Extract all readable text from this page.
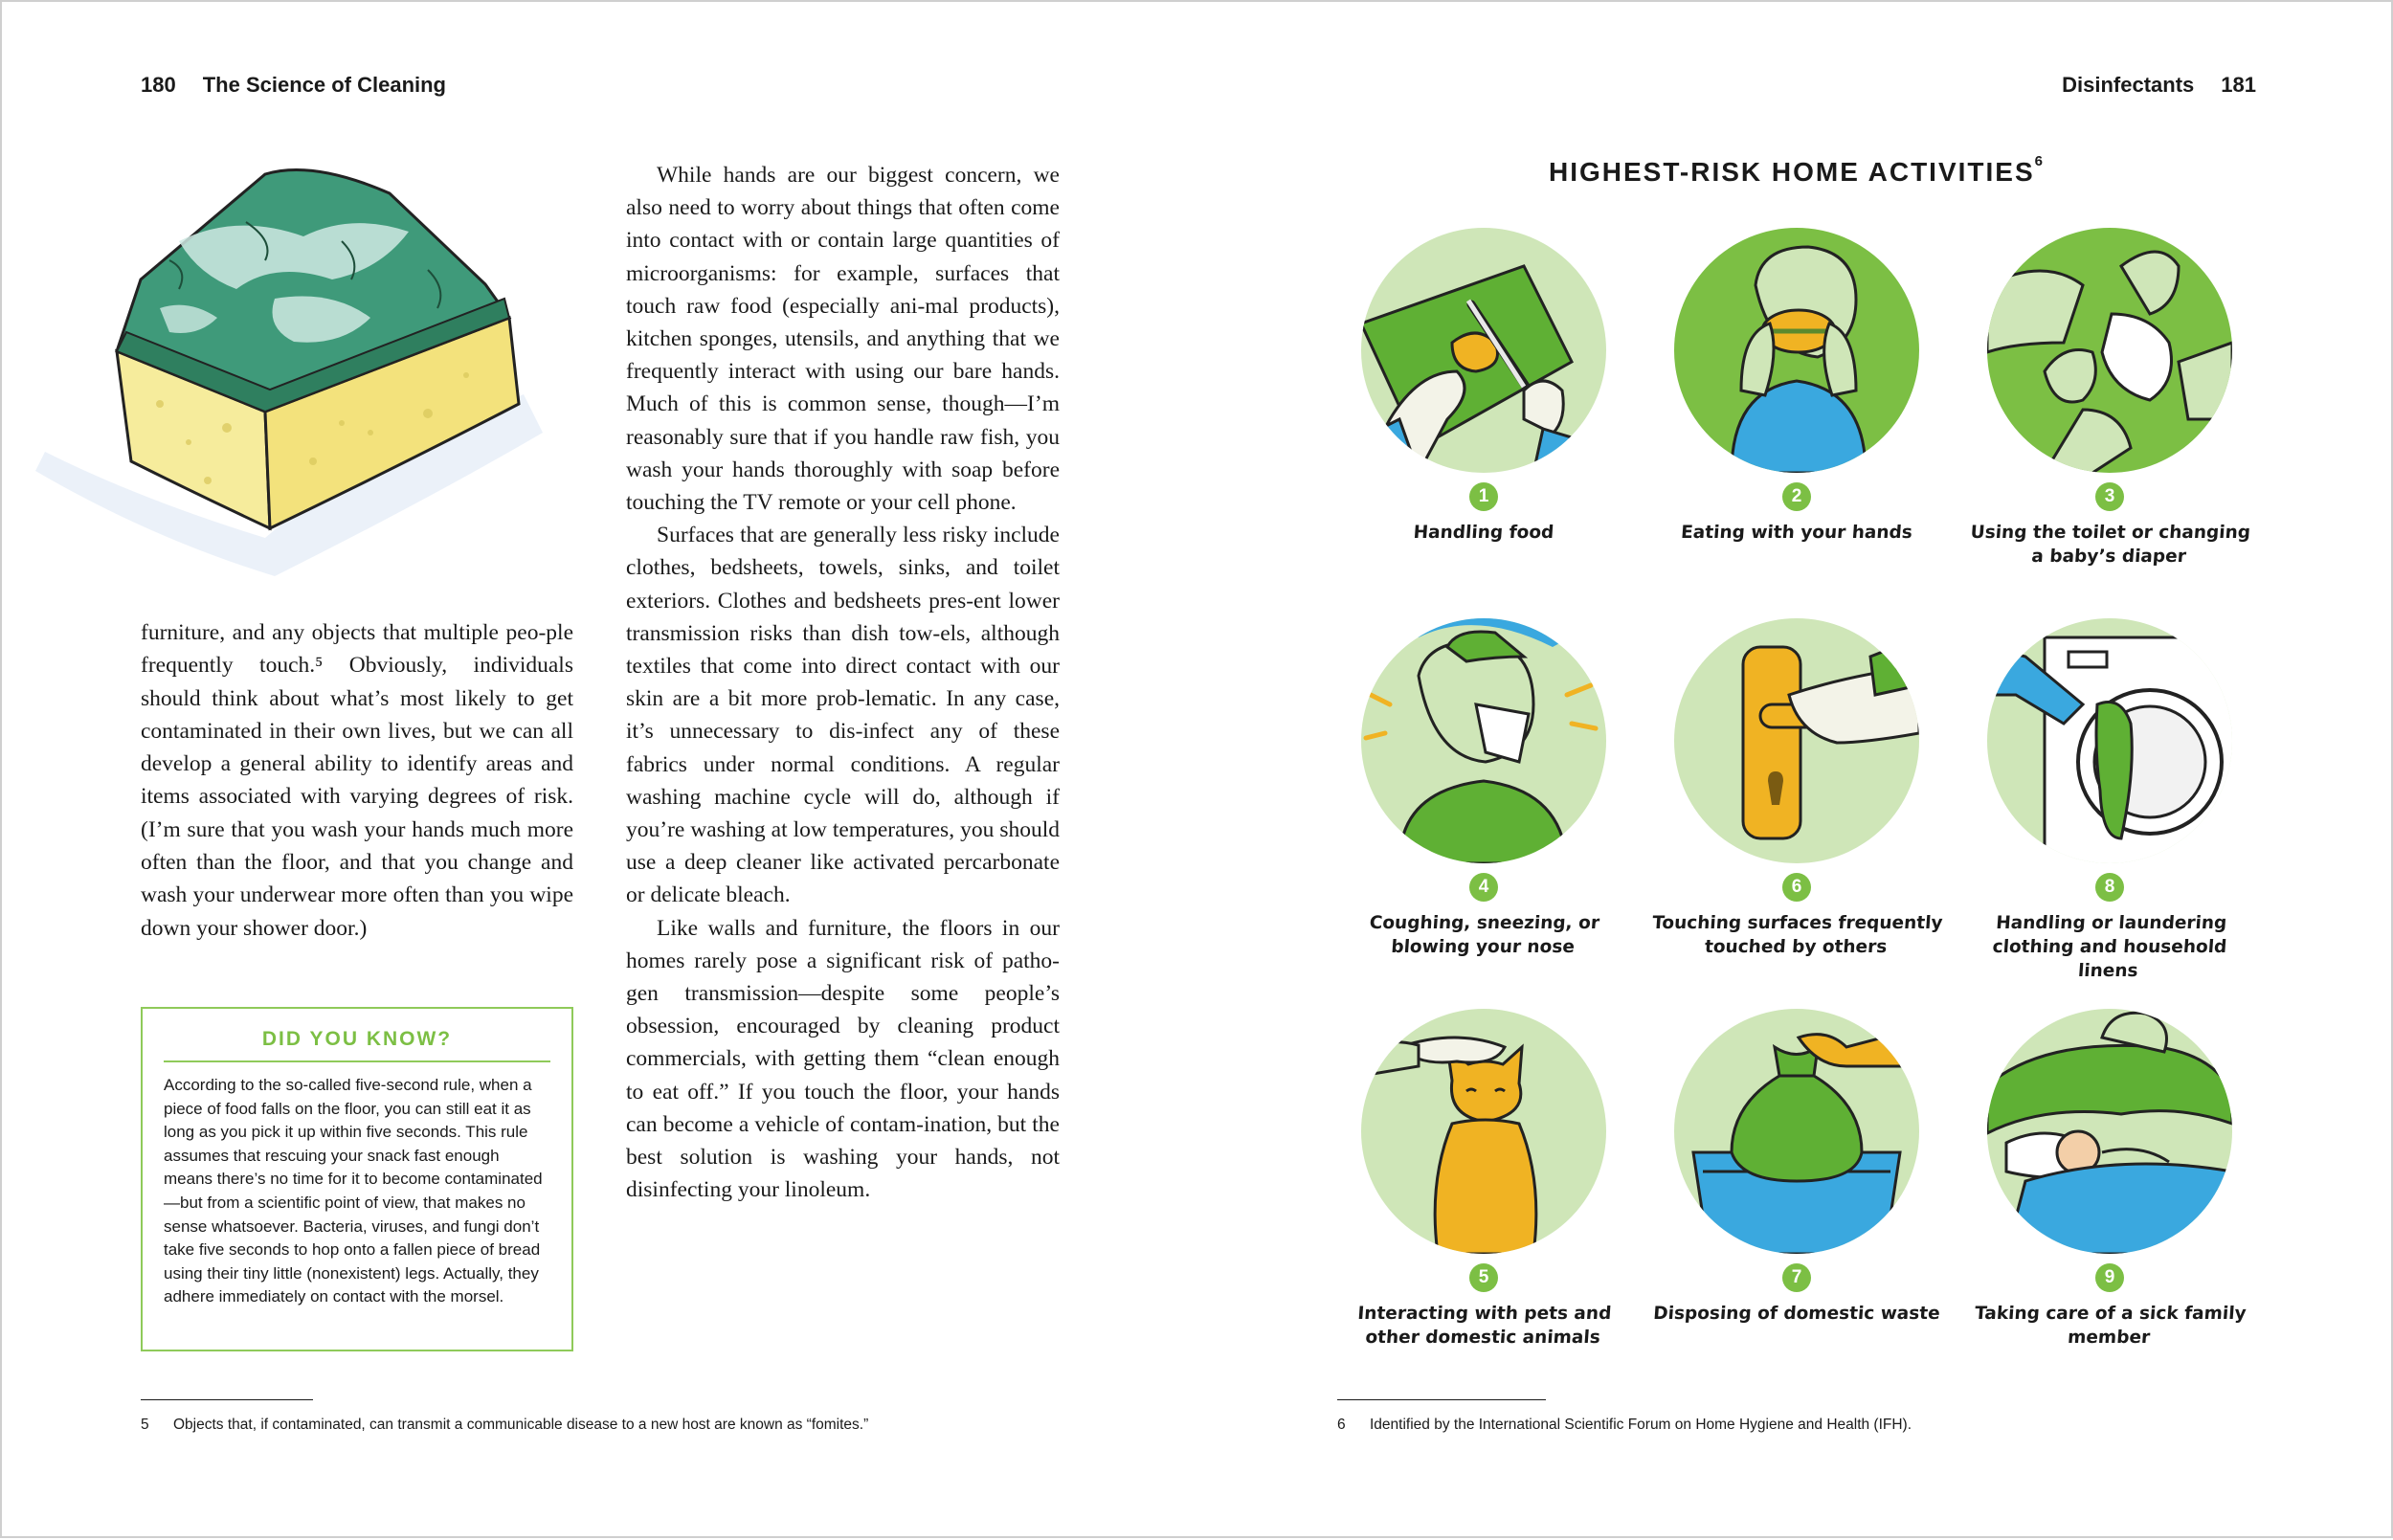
180 The Science of Cleaning

furniture, and any objects that multiple peo-ple frequently touch.⁵ Obviously, individuals should think about what’s most likely to get contaminated in their own lives, but we can all develop a general ability to identify areas and items associated with varying degrees of risk. (I’m sure that you wash your hands much more often than the floor, and that you change and wash your underwear more often than you wipe down your shower door.)

While hands are our biggest concern, we also need to worry about things that often come into contact with or contain large quantities of microorganisms: for example, surfaces that touch raw food (especially ani-mal products), kitchen sponges, utensils, and anything that we frequently interact with using our bare hands. Much of this is common sense, though—I’m reasonably sure that if you handle raw fish, you wash your hands thoroughly with soap before touching the TV remote or your cell phone.

Surfaces that are generally less risky include clothes, bedsheets, towels, sinks, and toilet exteriors. Clothes and bedsheets pres-ent lower transmission risks than dish tow-els, although textiles that come into direct contact with our skin are a bit more prob-lematic. In any case, it’s unnecessary to dis-infect any of these fabrics under normal conditions. A regular washing machine cycle will do, although if you’re washing at low temperatures, you should use a deep cleaner like activated percarbonate or delicate bleach.

Like walls and furniture, the floors in our homes rarely pose a significant risk of patho-gen transmission—despite some people’s obsession, encouraged by cleaning product commercials, with getting them “clean enough to eat off.” If you touch the floor, your hands can become a vehicle of contam-ination, but the best solution is washing your hands, not disinfecting your linoleum.

DID YOU KNOW?
According to the so-called five-second rule, when a piece of food falls on the floor, you can still eat it as long as you pick it up within five seconds. This rule assumes that rescuing your snack fast enough means there’s no time for it to become contaminated—but from a scientific point of view, that makes no sense whatsoever. Bacteria, viruses, and fungi don’t take five seconds to hop onto a fallen piece of bread using their tiny little (nonexistent) legs. Actually, they adhere immediately on contact with the morsel.
5 Objects that, if contaminated, can transmit a communicable disease to a new host are known as “fomites.”
Disinfectants 181
HIGHEST-RISK HOME ACTIVITIES$^6$
1
Handling food
2
Eating with your hands
3
Using the toilet or changing a baby’s diaper
4
Coughing, sneezing, or blowing your nose
6
Touching surfaces frequently touched by others
8
Handling or laundering clothing and household linens
5
Interacting with pets and other domestic animals
7
Disposing of domestic waste
9
Taking care of a sick family member
6 Identified by the International Scientific Forum on Home Hygiene and Health (IFH).
